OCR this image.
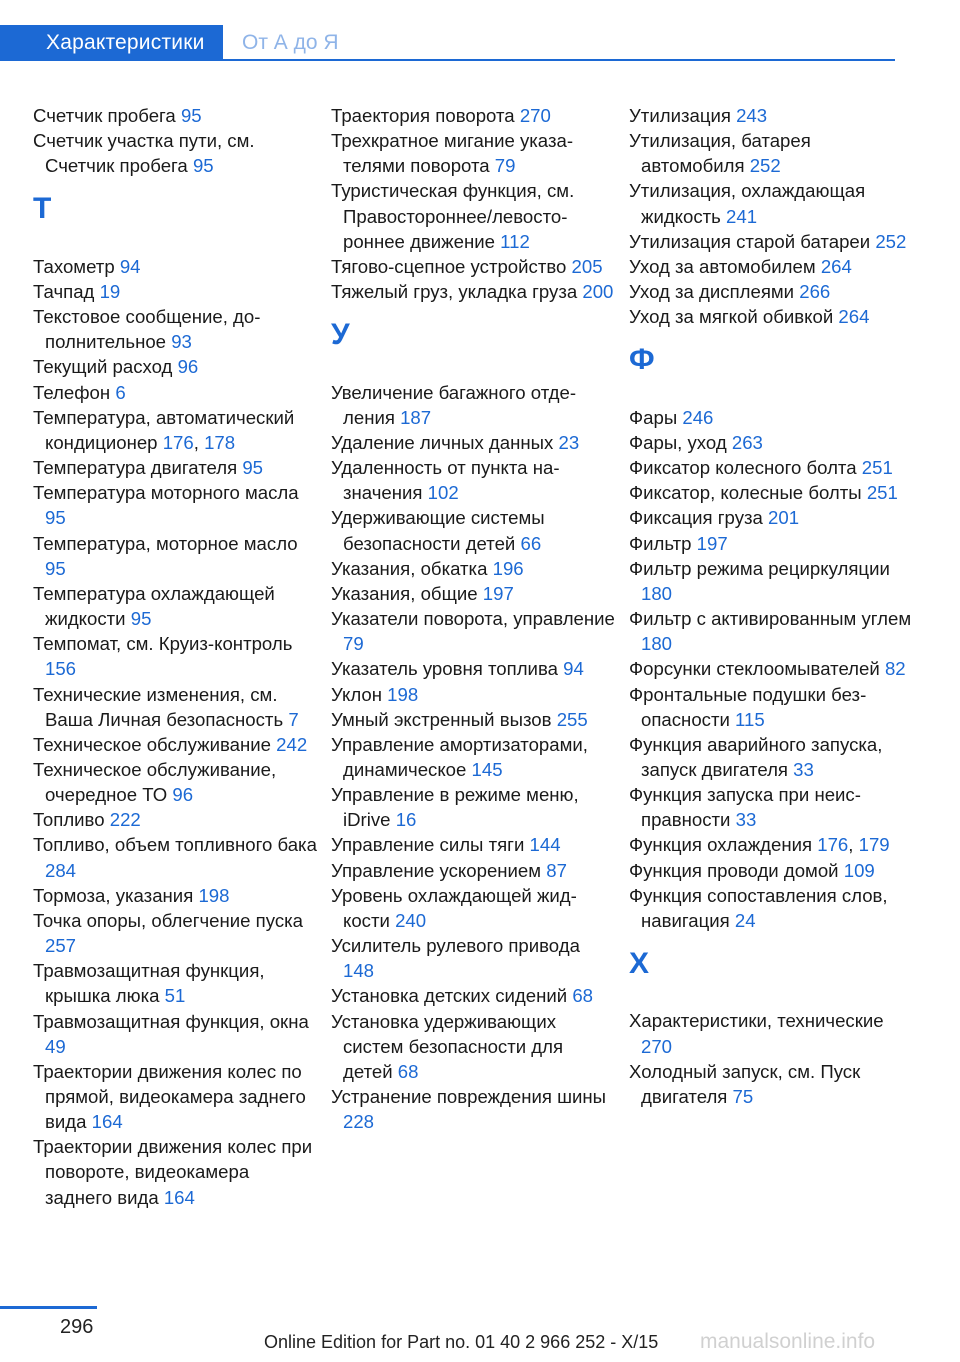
Характеристики	От А до Я
Счетчик пробега 95
Счетчик участка пути, см. Счетчик пробега 95
Т
Тахометр 94
Тачпад 19
Текстовое сообщение, дополнительное 93
Текущий расход 96
Телефон 6
Температура, автоматический кондиционер 176, 178
Температура двигателя 95
Температура моторного масла 95
Температура, моторное масло 95
Температура охлаждающей жидкости 95
Темпомат, см. Круиз-контроль 156
Технические изменения, см. Ваша Личная безопасность 7
Техническое обслуживание 242
Техническое обслуживание, очередное ТО 96
Топливо 222
Топливо, объем топливного бака 284
Тормоза, указания 198
Точка опоры, облегчение пуска 257
Травмозащитная функция, крышка люка 51
Травмозащитная функция, окна 49
Траектории движения колес по прямой, видеокамера заднего вида 164
Траектории движения колес при повороте, видеокамера заднего вида 164
Траектория поворота 270
Трехкратное мигание указателями поворота 79
Туристическая функция, см. Правостороннее/левостороннее движение 112
Тягово-сцепное устройство 205
Тяжелый груз, укладка груза 200
У
Увеличение багажного отделения 187
Удаление личных данных 23
Удаленность от пункта назначения 102
Удерживающие системы безопасности детей 66
Указания, обкатка 196
Указания, общие 197
Указатели поворота, управление 79
Указатель уровня топлива 94
Уклон 198
Умный экстренный вызов 255
Управление амортизаторами, динамическое 145
Управление в режиме меню, iDrive 16
Управление силы тяги 144
Управление ускорением 87
Уровень охлаждающей жидкости 240
Усилитель рулевого привода 148
Установка детских сидений 68
Установка удерживающих систем безопасности для детей 68
Устранение повреждения шины 228
Утилизация 243
Утилизация, батарея автомобиля 252
Утилизация, охлаждающая жидкость 241
Утилизация старой батареи 252
Уход за автомобилем 264
Уход за дисплеями 266
Уход за мягкой обивкой 264
Ф
Фары 246
Фары, уход 263
Фиксатор колесного болта 251
Фиксатор, колесные болты 251
Фиксация груза 201
Фильтр 197
Фильтр режима рециркуляции 180
Фильтр с активированным углем 180
Форсунки стеклоомывателей 82
Фронтальные подушки безопасности 115
Функция аварийного запуска, запуск двигателя 33
Функция запуска при неисправности 33
Функция охлаждения 176, 179
Функция проводи домой 109
Функция сопоставления слов, навигация 24
Х
Характеристики, технические 270
Холодный запуск, см. Пуск двигателя 75
296
Online Edition for Part no. 01 40 2 966 252 - X/15 manualsonline.info
